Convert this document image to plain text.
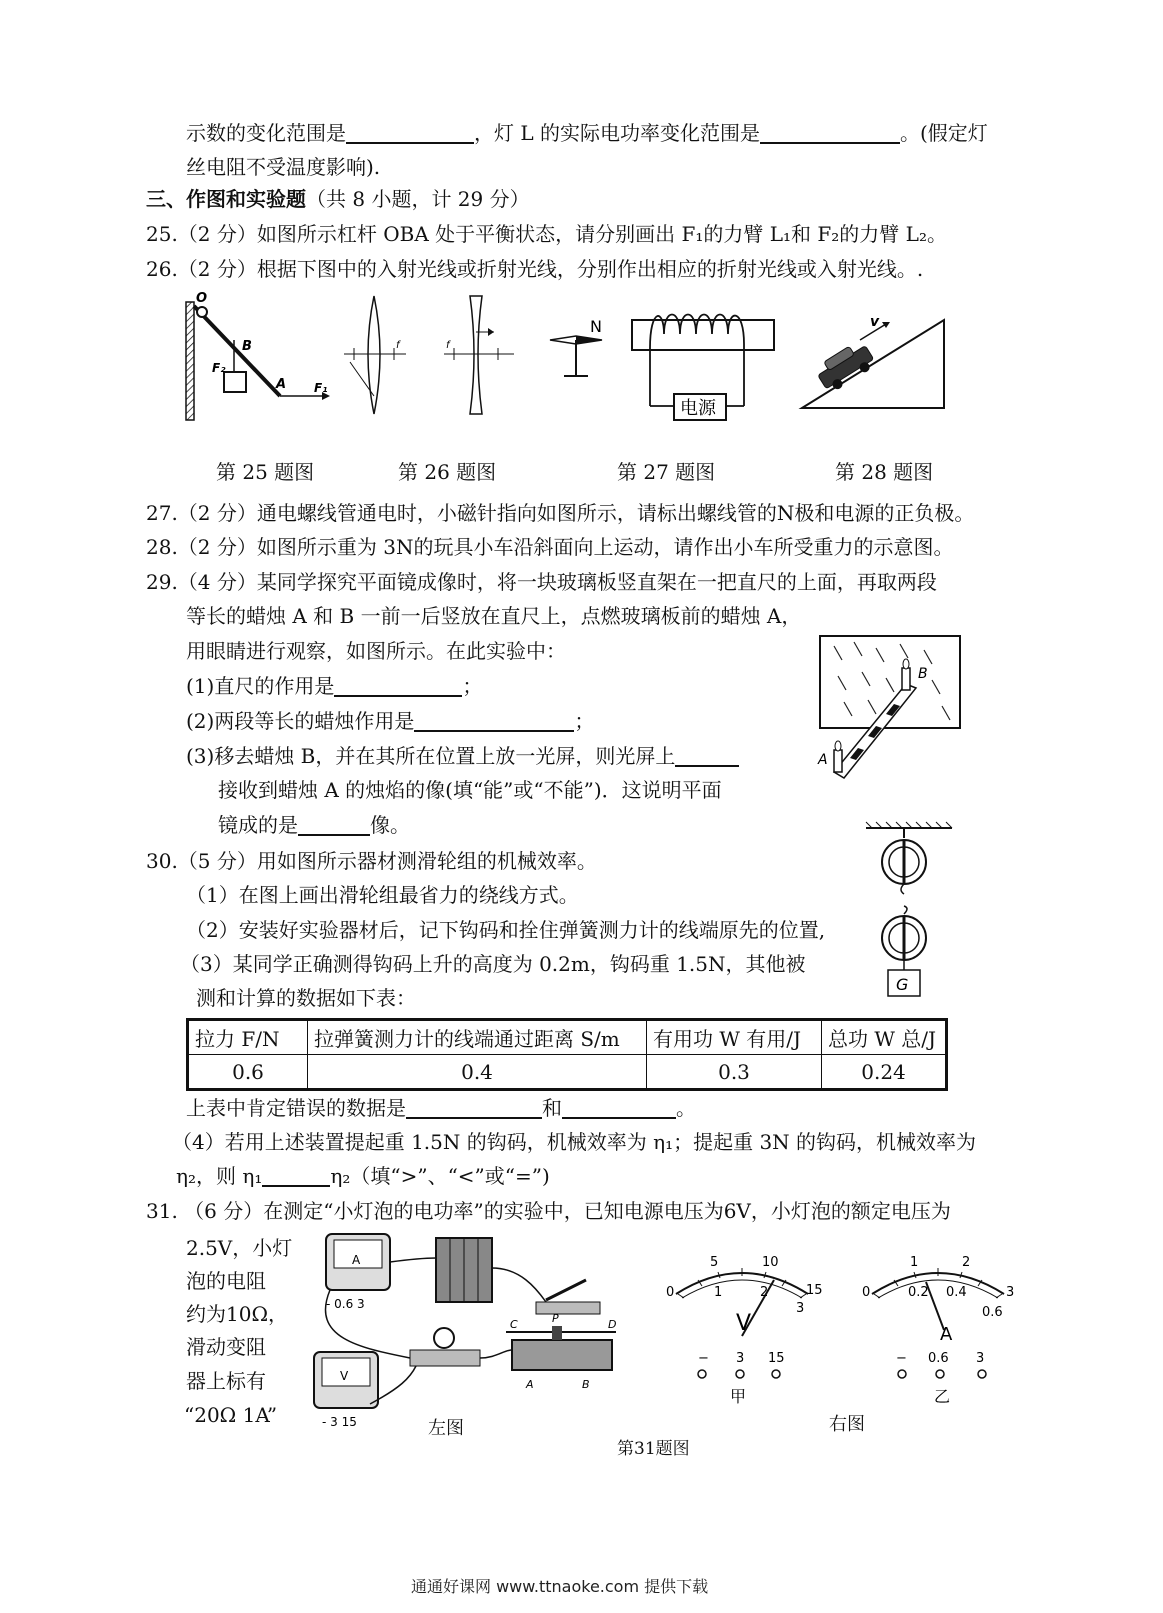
示数的变化范围是	，灯 L 的实际电功率变化范围是	。(假定灯
丝电阻不受温度影响).
三、作图和实验题（共 8 小题，计 29 分）
25.（2 分）如图所示杠杆 OBA 处于平衡状态，请分别画出 F₁的力臂 L₁和 F₂的力臂 L₂。
26.（2 分）根据下图中的入射光线或折射光线，分别作出相应的折射光线或入射光线。.
O
B
A
F₂
F₁
f	f
N
电源
v
第 25 题图	第 26 题图	第 27 题图	第 28 题图
27.（2 分）通电螺线管通电时，小磁针指向如图所示，请标出螺线管的N极和电源的正负极。
28.（2 分）如图所示重为 3N的玩具小车沿斜面向上运动，请作出小车所受重力的示意图。
29.（4 分）某同学探究平面镜成像时，将一块玻璃板竖直架在一把直尺的上面，再取两段
等长的蜡烛 A 和 B 一前一后竖放在直尺上，点燃玻璃板前的蜡烛 A，
用眼睛进行观察，如图所示。在此实验中：
(1)直尺的作用是	；
(2)两段等长的蜡烛作用是	；
(3)移去蜡烛 B，并在其所在位置上放一光屏，则光屏上
接收到蜡烛 A 的烛焰的像(填“能”或“不能”)．这说明平面
镜成的是	像。
B
A
30.（5 分）用如图所示器材测滑轮组的机械效率。
（1）在图上画出滑轮组最省力的绕线方式。
（2）安装好实验器材后，记下钩码和拴住弹簧测力计的线端原先的位置,
（3）某同学正确测得钩码上升的高度为 0.2m，钩码重 1.5N，其他被
测和计算的数据如下表：
G
拉力 F/N	拉弹簧测力计的线端通过距离 S/m	有用功 W 有用/J	总功 W 总/J
0.6	0.4	0.3	0.24
上表中肯定错误的数据是	和	。
（4）若用上述装置提起重 1.5N 的钩码，机械效率为 η₁；提起重 3N 的钩码，机械效率为
η₂，则 η₁	η₂（填“>”、“<”或“=”)
31. （6 分）在测定“小灯泡的电功率”的实验中，已知电源电压为6V，小灯泡的额定电压为
2.5V，小灯
泡的电阻
约为10Ω，
滑动变阻
器上标有
“20Ω 1A”
A
- 0.6 3
V
- 3 15
C	P	D
A	B
左图
5	10
0	1	2
3
15
V
− 3 15
甲
1	2
0	0.2 0.4
0.6
3
A
− 0.6 3
乙
右图
第31题图
通通好课网 www.ttnaoke.com 提供下载
